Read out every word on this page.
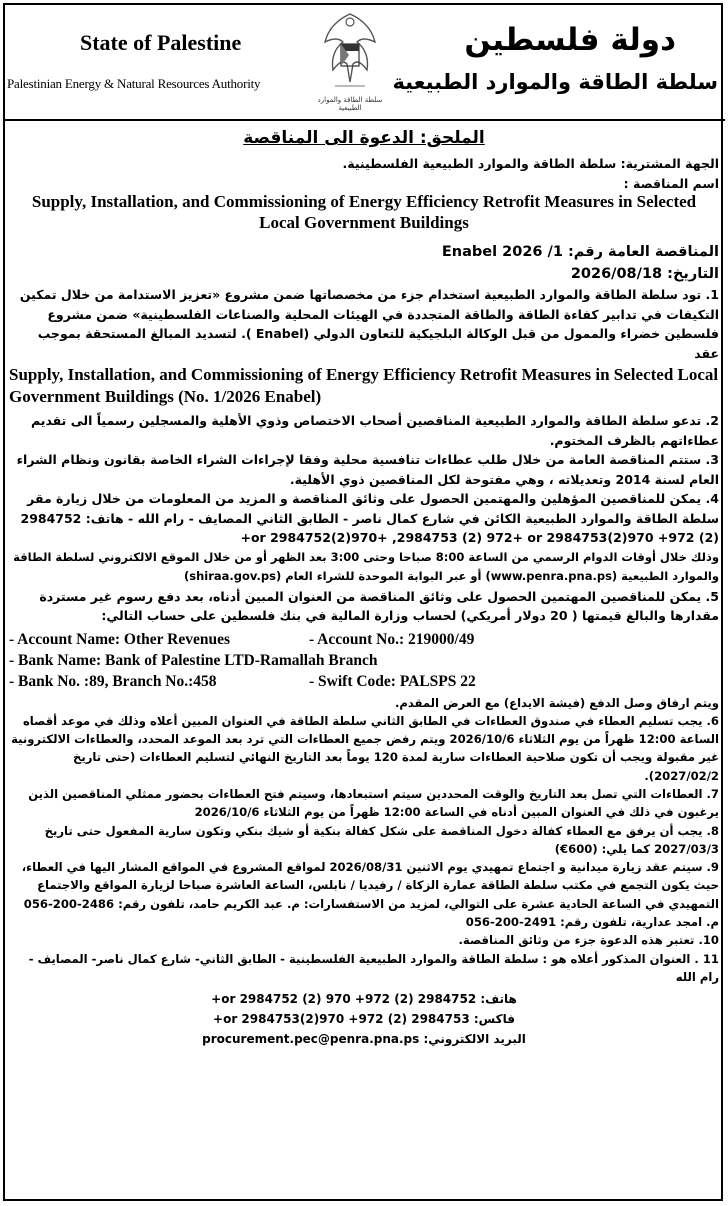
State of Palestine
Palestinian Energy & Natural Resources Authority
دولة فلسطين
سلطة الطاقة والموارد الطبيعية
سلطة الطاقة والموارد الطبيعية
الملحق: الدعوة الى المناقصة

الجهة المشترية: سلطة الطاقة والموارد الطبيعية الفلسطينية.

اسم المناقصة :

Supply, Installation, and Commissioning of Energy Efficiency Retrofit Measures in Selected Local Government Buildings

المناقصة العامة رقم: Enabel 2026 /1

التاريخ: 2026/08/18

1. تود سلطة الطاقة والموارد الطبيعية استخدام جزء من مخصصاتها ضمن مشروع «تعزيز الاستدامة من خلال تمكين التكيفات في تدابير كفاءة الطاقة والطاقة المتجددة في الهيئات المحلية والصناعات الفلسطينية» ضمن مشروع فلسطين خضراء والممول من قبل الوكالة البلجيكية للتعاون الدولي (Enabel ). لتسديد المبالغ المستحقة بموجب عقد

Supply, Installation, and Commissioning of Energy Efficiency Retrofit Measures in Selected Local Government Buildings (No. 1/2026 Enabel)

2. تدعو سلطة الطاقة والموارد الطبيعية المناقصين أصحاب الاختصاص وذوي الأهلية والمسجلين رسمياً الى تقديم عطاءاتهم بالظرف المختوم.

3. ستتم المناقصة العامة من خلال طلب عطاءات تنافسية محلية وفقا لإجراءات الشراء الخاصة بقانون ونظام الشراء العام لسنة 2014 وتعديلاته ، وهي مفتوحة لكل المناقصين ذوي الأهلية.

4. يمكن للمناقصين المؤهلين والمهتمين الحصول على وثائق المناقصة و المزيد من المعلومات من خلال زيارة مقر سلطة الطاقة والموارد الطبيعية الكائن في شارع كمال ناصر - الطابق الثاني المصايف - رام الله - هاتف: 2984752 (2) 972+ or 2984752(2)970+ ,2984753 (2) 972+ or 2984753(2)970+

وذلك خلال أوقات الدوام الرسمي من الساعة 8:00 صباحا وحتى 3:00 بعد الظهر أو من خلال الموقع الالكتروني لسلطة الطاقة والموارد الطبيعية (www.penra.pna.ps) أو عبر البوابة الموحدة للشراء العام (shiraa.gov.ps)

5. يمكن للمناقصين المهتمين الحصول على وثائق المناقصة من العنوان المبين أدناه، بعد دفع رسوم غير مستردة مقدارها والبالغ قيمتها ( 20 دولار أمريكي) لحساب وزارة المالية في بنك فلسطين على حساب التالي:

- Account Name: Other Revenues	- Account No.: 219000/49
- Bank Name: Bank of Palestine LTD-Ramallah Branch
- Bank No. :89, Branch No.:458	- Swift Code: PALSPS 22

ويتم ارفاق وصل الدفع (فيشة الايداع) مع العرض المقدم.

6. يجب تسليم العطاء في صندوق العطاءات في الطابق الثاني سلطة الطاقة في العنوان المبين أعلاه وذلك في موعد أقصاه الساعة 12:00 ظهراً من يوم الثلاثاء 2026/10/6 ويتم رفض جميع العطاءات التي ترد بعد الموعد المحدد، والعطاءات الالكترونية غير مقبولة ويجب أن تكون صلاحية العطاءات سارية لمدة 120 يوماً بعد التاريخ النهائي لتسليم العطاءات (حتى تاريخ 2027/02/2).

7. العطاءات التي تصل بعد التاريخ والوقت المحددين سيتم استبعادها، وسيتم فتح العطاءات بحضور ممثلي المناقصين الذين يرغبون في ذلك في العنوان المبين أدناه في الساعة 12:00 ظهراً من يوم الثلاثاء 2026/10/6

8. يجب أن يرفق مع العطاء كفالة دخول المناقصة على شكل كفالة بنكية أو شيك بنكي وتكون سارية المفعول حتى تاريخ 2027/03/3 كما يلي: (600€)

9. سيتم عقد زيارة ميدانية و اجتماع تمهيدي يوم الاثنين 2026/08/31 لمواقع المشروع في المواقع المشار اليها في العطاء، حيث يكون التجمع في مكتب سلطة الطاقة عمارة الزكاة / رفيديا / نابلس، الساعة العاشرة صباحا لزيارة المواقع والاجتماع التمهيدي في الساعة الحادية عشرة على التوالي، لمزيد من الاستفسارات: م. عبد الكريم حامد، تلفون رقم: 2486-200-056 م. امجد عدارية، تلفون رقم: 2491-200-056

10. تعتبر هذه الدعوة جزء من وثائق المناقصة.

11 . العنوان المذكور أعلاه هو : سلطة الطاقة والموارد الطبيعية الفلسطينية - الطابق الثاني- شارع كمال ناصر- المصايف - رام الله

هاتف: 2984752 (2) 972+ or 2984752 (2) 970+

فاكس: 2984753 (2) 972+ or 2984753(2)970+

البريد الالكتروني: procurement.pec@penra.pna.ps
